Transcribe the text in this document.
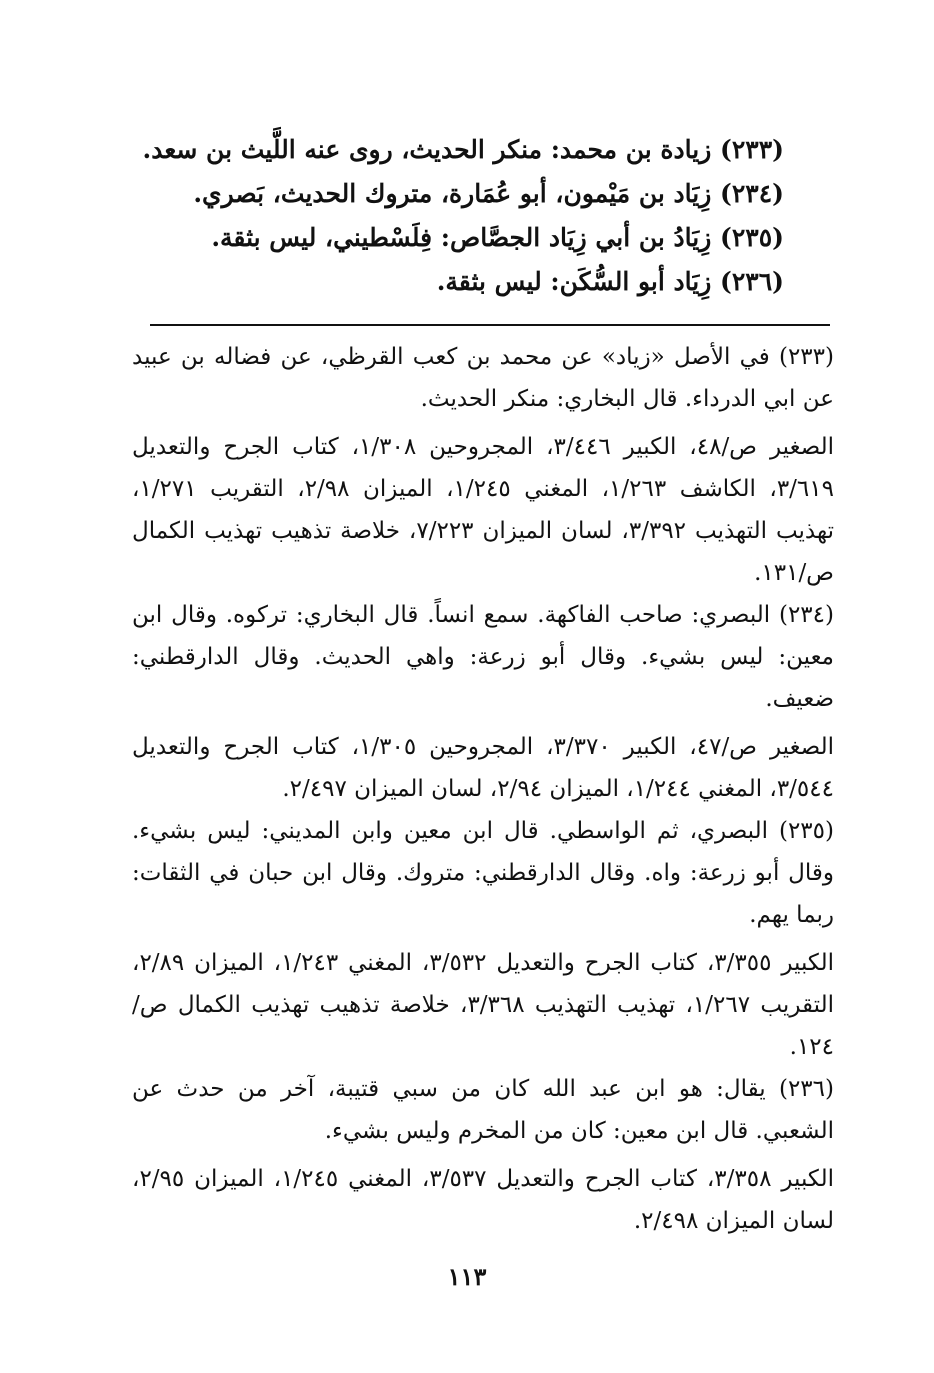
(٢٣٣) زيادة بن محمد: منكر الحديث، روى عنه اللَّيث بن سعد.
(٢٣٤) زِيَاد بن مَيْمون، أبو عُمَارة، متروك الحديث، بَصري.
(٢٣٥) زِيَادُ بن أبي زِيَاد الجصَّاص: فِلَسْطيني، ليس بثقة.
(٢٣٦) زِيَاد أبو السُّكَن: ليس بثقة.
(٢٣٣) في الأصل «زياد» عن محمد بن كعب القرظي، عن فضاله بن عبيد عن ابي الدرداء. قال البخاري: منكر الحديث.
الصغير ص/٤٨، الكبير ٣/٤٤٦، المجروحين ١/٣٠٨، كتاب الجرح والتعديل ٣/٦١٩، الكاشف ١/٢٦٣، المغني ١/٢٤٥، الميزان ٢/٩٨، التقريب ١/٢٧١، تهذيب التهذيب ٣/٣٩٢، لسان الميزان ٧/٢٢٣، خلاصة تذهيب تهذيب الكمال ص/١٣١.
(٢٣٤) البصري: صاحب الفاكهة. سمع انساً. قال البخاري: تركوه. وقال ابن معين: ليس بشيء. وقال أبو زرعة: واهي الحديث. وقال الدارقطني: ضعيف.
الصغير ص/٤٧، الكبير ٣/٣٧٠، المجروحين ١/٣٠٥، كتاب الجرح والتعديل ٣/٥٤٤، المغني ١/٢٤٤، الميزان ٢/٩٤، لسان الميزان ٢/٤٩٧.
(٢٣٥) البصري، ثم الواسطي. قال ابن معين وابن المديني: ليس بشيء. وقال أبو زرعة: واه. وقال الدارقطني: متروك. وقال ابن حبان في الثقات: ربما يهم.
الكبير ٣/٣٥٥، كتاب الجرح والتعديل ٣/٥٣٢، المغني ١/٢٤٣، الميزان ٢/٨٩، التقريب ١/٢٦٧، تهذيب التهذيب ٣/٣٦٨، خلاصة تذهيب تهذيب الكمال ص/١٢٤.
(٢٣٦) يقال: هو ابن عبد الله كان من سبي قتيبة، آخر من حدث عن الشعبي. قال ابن معين: كان من المخرم وليس بشيء.
الكبير ٣/٣٥٨، كتاب الجرح والتعديل ٣/٥٣٧، المغني ١/٢٤٥، الميزان ٢/٩٥، لسان الميزان ٢/٤٩٨.
١١٣
